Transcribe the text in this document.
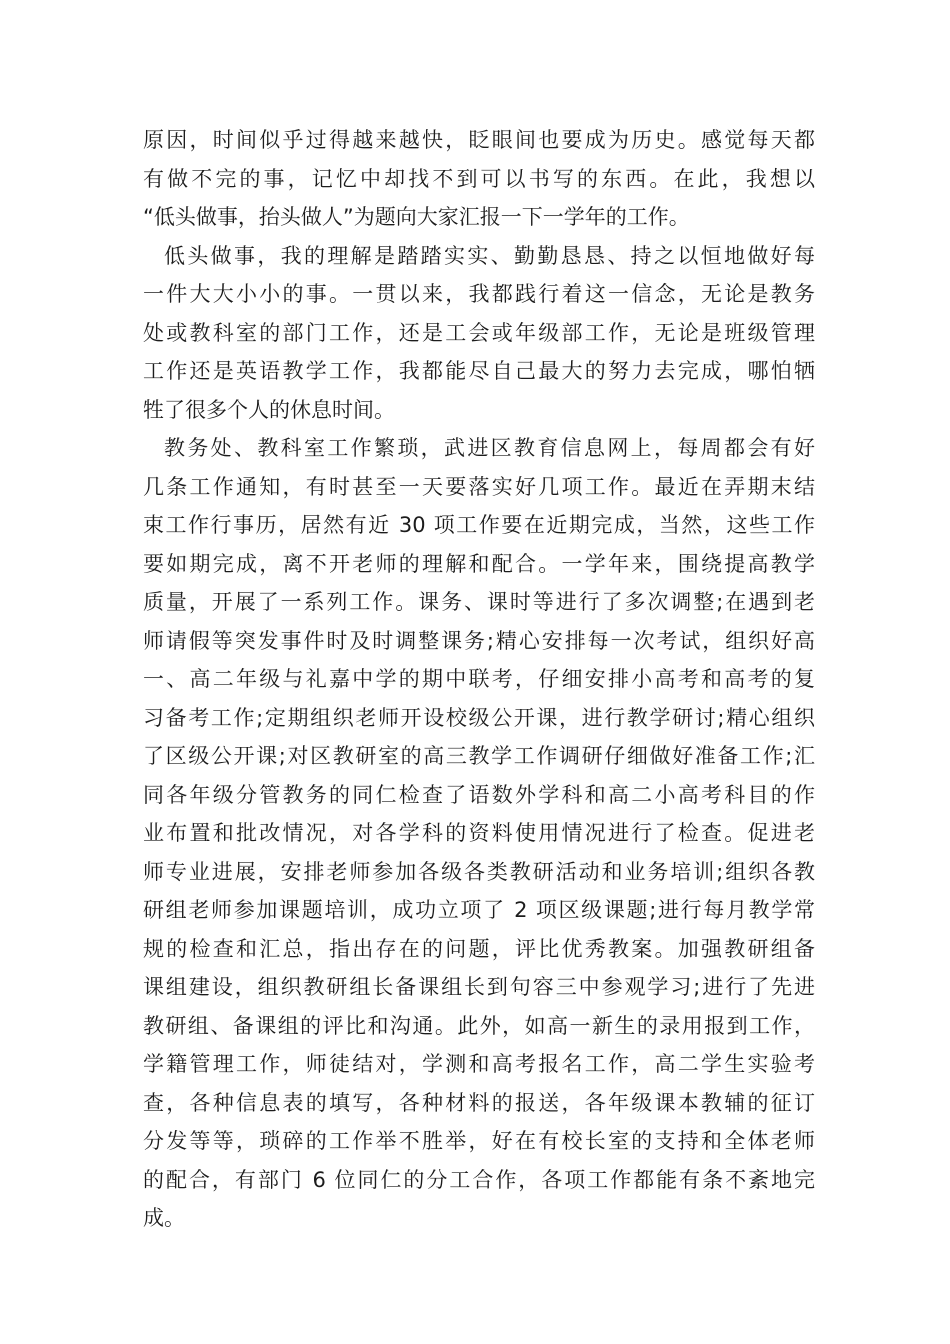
原因，时间似乎过得越来越快，眨眼间也要成为历史。感觉每天都
有做不完的事，记忆中却找不到可以书写的东西。在此，我想以
“低头做事，抬头做人”为题向大家汇报一下一学年的工作。
低头做事，我的理解是踏踏实实、勤勤恳恳、持之以恒地做好每
一件大大小小的事。一贯以来，我都践行着这一信念，无论是教务
处或教科室的部门工作，还是工会或年级部工作，无论是班级管理
工作还是英语教学工作，我都能尽自己最大的努力去完成，哪怕牺
牲了很多个人的休息时间。
教务处、教科室工作繁琐，武进区教育信息网上，每周都会有好
几条工作通知，有时甚至一天要落实好几项工作。最近在弄期末结
束工作行事历，居然有近 30 项工作要在近期完成，当然，这些工作
要如期完成，离不开老师的理解和配合。一学年来，围绕提高教学
质量，开展了一系列工作。课务、课时等进行了多次调整;在遇到老
师请假等突发事件时及时调整课务;精心安排每一次考试，组织好高
一、高二年级与礼嘉中学的期中联考，仔细安排小高考和高考的复
习备考工作;定期组织老师开设校级公开课，进行教学研讨;精心组织
了区级公开课;对区教研室的高三教学工作调研仔细做好准备工作;汇
同各年级分管教务的同仁检查了语数外学科和高二小高考科目的作
业布置和批改情况，对各学科的资料使用情况进行了检查。促进老
师专业进展，安排老师参加各级各类教研活动和业务培训;组织各教
研组老师参加课题培训，成功立项了 2 项区级课题;进行每月教学常
规的检查和汇总，指出存在的问题，评比优秀教案。加强教研组备
课组建设，组织教研组长备课组长到句容三中参观学习;进行了先进
教研组、备课组的评比和沟通。此外，如高一新生的录用报到工作，
学籍管理工作，师徒结对，学测和高考报名工作，高二学生实验考
查，各种信息表的填写，各种材料的报送，各年级课本教辅的征订
分发等等，琐碎的工作举不胜举，好在有校长室的支持和全体老师
的配合，有部门 6 位同仁的分工合作，各项工作都能有条不紊地完
成。
